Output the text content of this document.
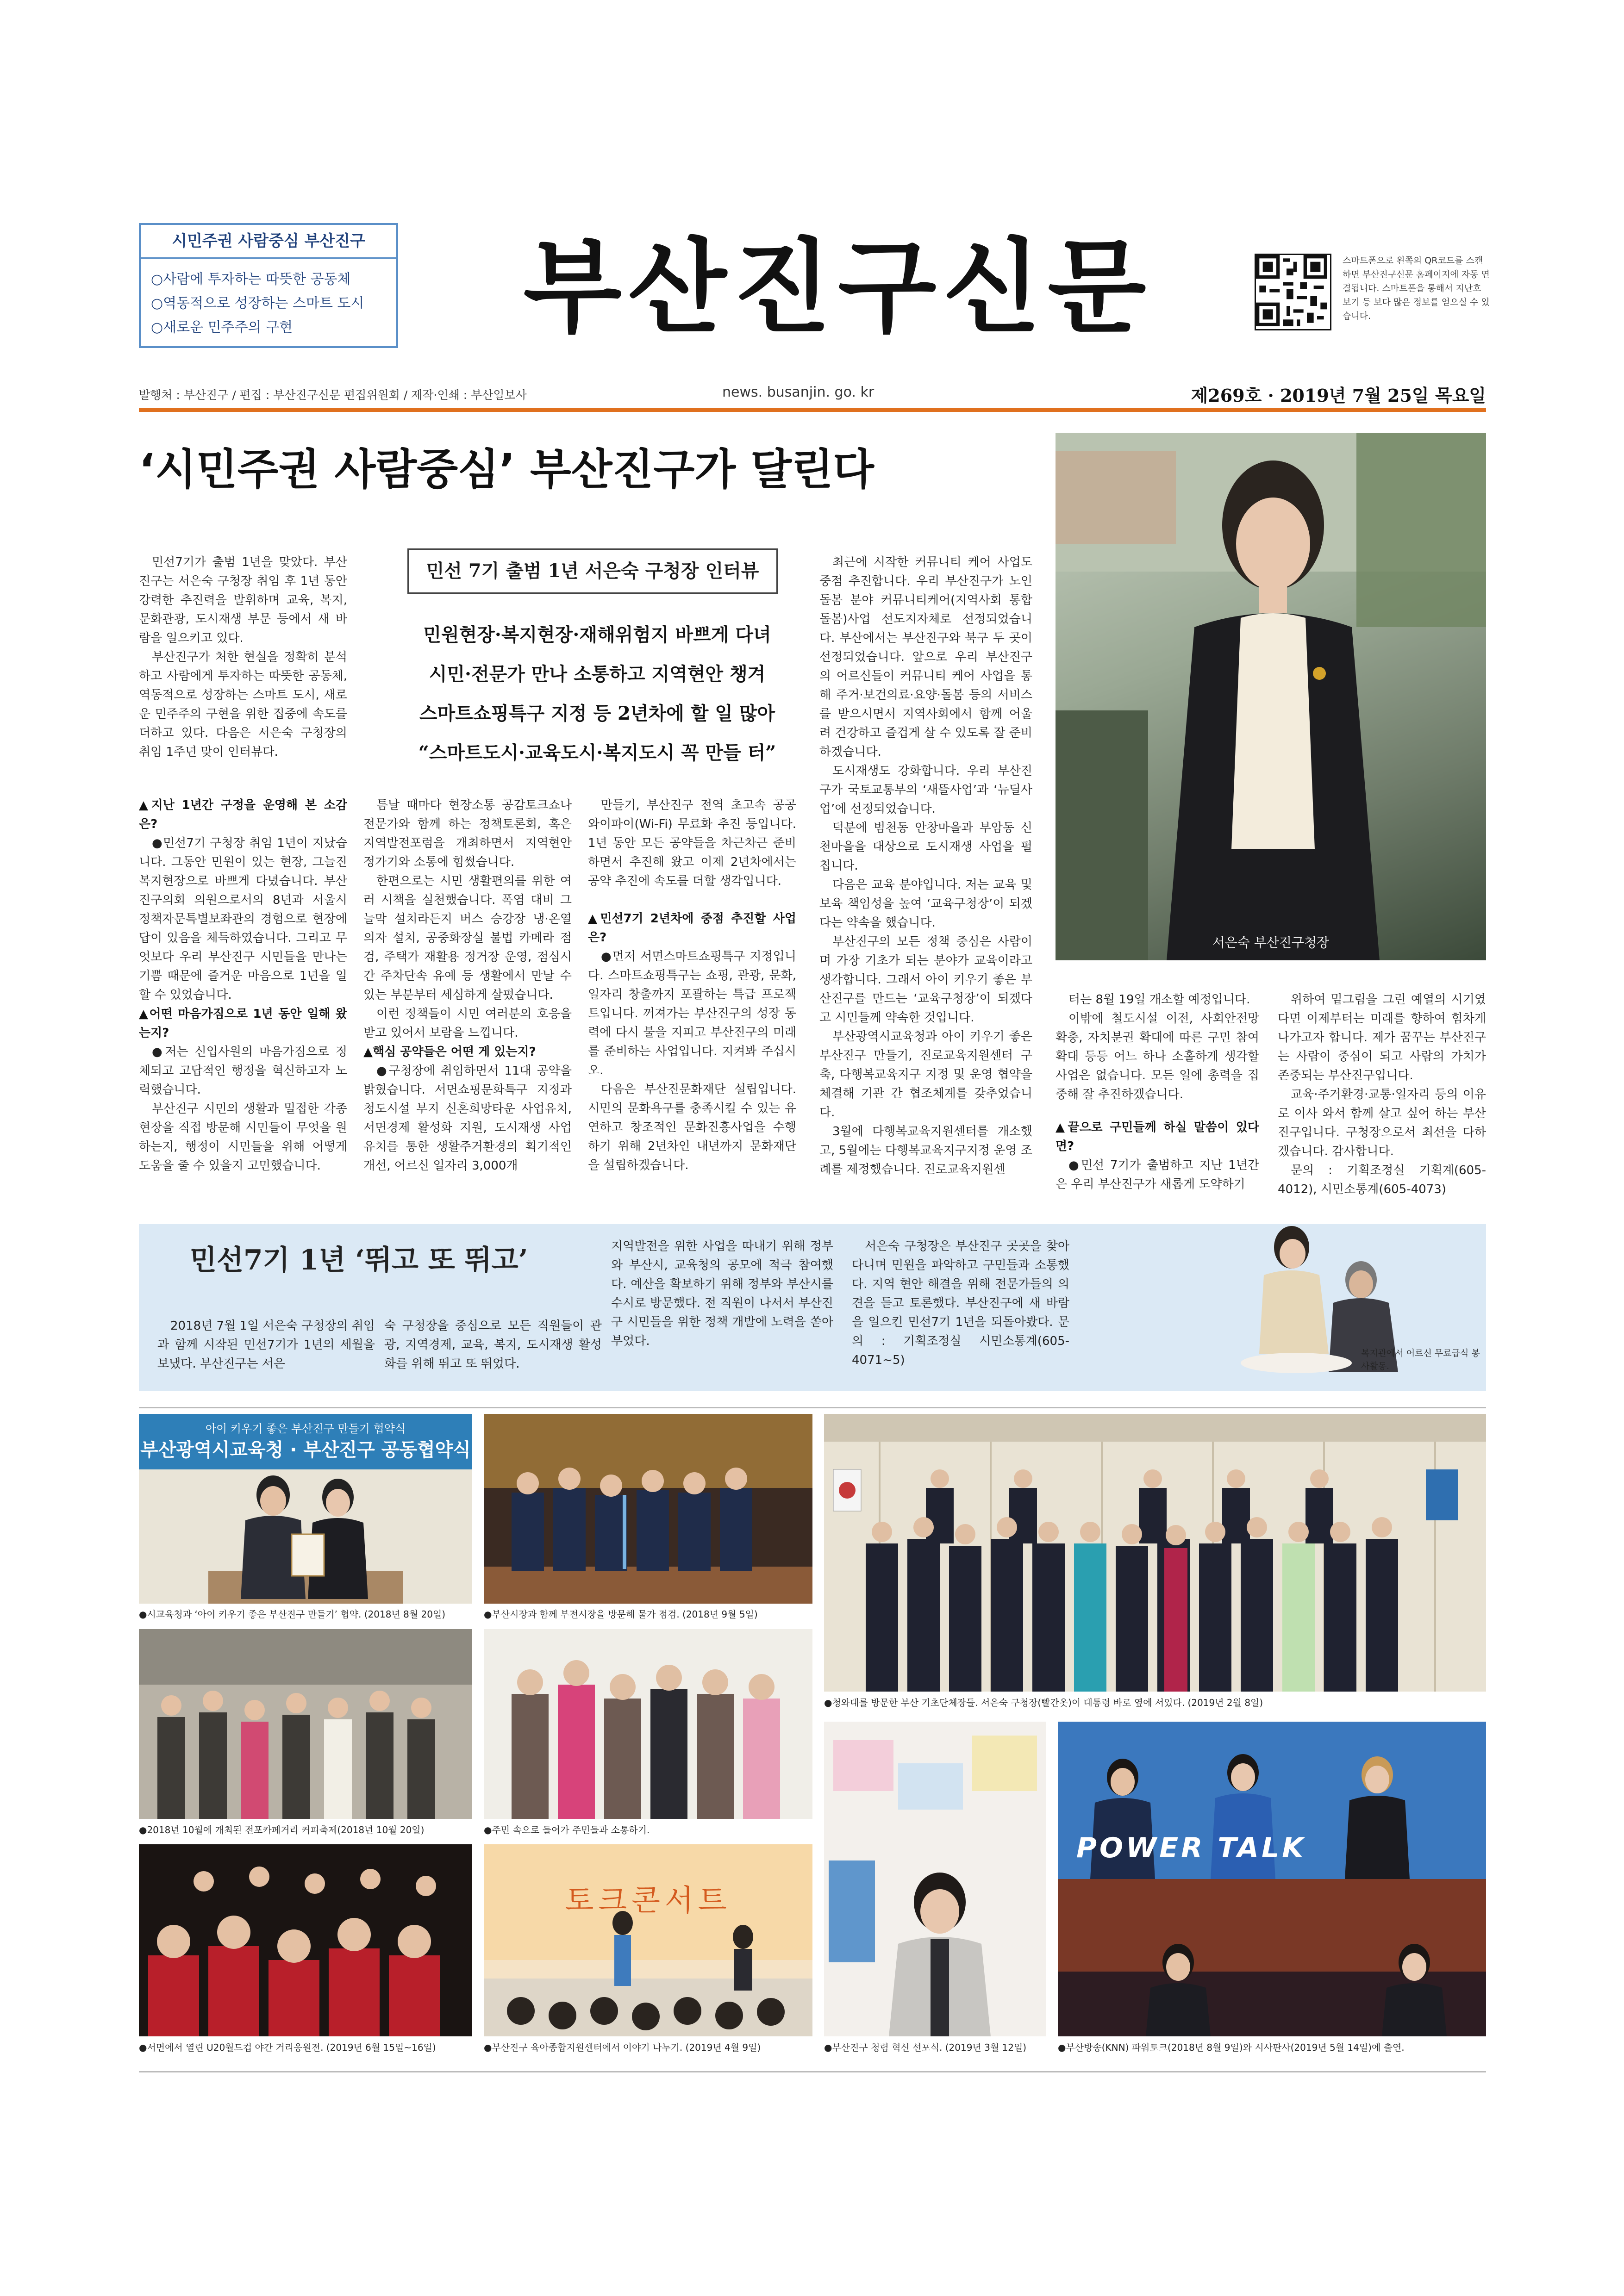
시민주권 사람중심 부산진구
○사람에 투자하는 따뜻한 공동체
○역동적으로 성장하는 스마트 도시
○새로운 민주주의 구현 부산진구신문	스마트폰으로 왼쪽의 QR코드를 스캔하면 부산진구신문 홈페이지에 자동 연결됩니다. 스마트폰을 통해서 지난호 보기 등 보다 많은 정보를 얻으실 수 있습니다.
발행처 : 부산진구 / 편집 : 부산진구신문 편집위원회 / 제작·인쇄 : 부산일보사	news. busanjin. go. kr	제269호 · 2019년 7월 25일 목요일
‘시민주권 사람중심’ 부산진구가 달린다
서은숙 부산진구청장
민선 7기 출범 1년 서은숙 구청장 인터뷰
민원현장·복지현장·재해위험지 바쁘게 다녀
시민·전문가 만나 소통하고 지역현안 챙겨
스마트쇼핑특구 지정 등 2년차에 할 일 많아
“스마트도시·교육도시·복지도시 꼭 만들 터”

민선7기가 출범 1년을 맞았다. 부산진구는 서은숙 구청장 취임 후 1년 동안 강력한 추진력을 발휘하며 교육, 복지, 문화관광, 도시재생 부문 등에서 새 바람을 일으키고 있다.

부산진구가 처한 현실을 정확히 분석하고 사람에게 투자하는 따뜻한 공동체, 역동적으로 성장하는 스마트 도시, 새로운 민주주의 구현을 위한 집중에 속도를 더하고 있다. 다음은 서은숙 구청장의 취임 1주년 맞이 인터뷰다.

▲지난 1년간 구정을 운영해 본 소감은?

●민선7기 구청장 취임 1년이 지났습니다. 그동안 민원이 있는 현장, 그늘진 복지현장으로 바쁘게 다녔습니다. 부산진구의회 의원으로서의 8년과 서울시 정책자문특별보좌관의 경험으로 현장에 답이 있음을 체득하였습니다. 그리고 무엇보다 우리 부산진구 시민들을 만나는 기쁨 때문에 즐거운 마음으로 1년을 일할 수 있었습니다.

▲어떤 마음가짐으로 1년 동안 일해 왔는지?

●저는 신입사원의 마음가짐으로 정체되고 고답적인 행정을 혁신하고자 노력했습니다.

부산진구 시민의 생활과 밀접한 각종 현장을 직접 방문해 시민들이 무엇을 원하는지, 행정이 시민들을 위해 어떻게 도움을 줄 수 있을지 고민했습니다.

틈날 때마다 현장소통 공감토크쇼나 전문가와 함께 하는 정책토론회, 혹은 지역발전포럼을 개최하면서 지역현안 정가기와 소통에 힘썼습니다.

한편으로는 시민 생활편의를 위한 여러 시책을 실천했습니다. 폭염 대비 그늘막 설치라든지 버스 승강장 냉·온열 의자 설치, 공중화장실 불법 카메라 점검, 주택가 재활용 정거장 운영, 점심시간 주차단속 유예 등 생활에서 만날 수 있는 부분부터 세심하게 살폈습니다.

이런 정책들이 시민 여러분의 호응을 받고 있어서 보람을 느낍니다.

▲핵심 공약들은 어떤 게 있는지?

●구청장에 취임하면서 11대 공약을 밝혔습니다. 서면쇼핑문화특구 지정과 청도시설 부지 신혼희망타운 사업유치, 서면경제 활성화 지원, 도시재생 사업 유치를 통한 생활주거환경의 획기적인 개선, 어르신 일자리 3,000개

만들기, 부산진구 전역 초고속 공공 와이파이(Wi-Fi) 무료화 추진 등입니다. 1년 동안 모든 공약들을 차근차근 준비하면서 추진해 왔고 이제 2년차에서는 공약 추진에 속도를 더할 생각입니다.

▲민선7기 2년차에 중점 추진할 사업은?

●먼저 서면스마트쇼핑특구 지정입니다. 스마트쇼핑특구는 쇼핑, 관광, 문화, 일자리 창출까지 포괄하는 특급 프로젝트입니다. 꺼져가는 부산진구의 성장 동력에 다시 불을 지피고 부산진구의 미래를 준비하는 사업입니다. 지켜봐 주십시오.

다음은 부산진문화재단 설립입니다. 시민의 문화욕구를 충족시킬 수 있는 유연하고 창조적인 문화진흥사업을 수행하기 위해 2년차인 내년까지 문화재단을 설립하겠습니다.

최근에 시작한 커뮤니티 케어 사업도 중점 추진합니다. 우리 부산진구가 노인돌봄 분야 커뮤니티케어(지역사회 통합돌봄)사업 선도지자체로 선정되었습니다. 부산에서는 부산진구와 북구 두 곳이 선정되었습니다. 앞으로 우리 부산진구의 어르신들이 커뮤니티 케어 사업을 통해 주거·보건의료·요양·돌봄 등의 서비스를 받으시면서 지역사회에서 함께 어울려 건강하고 즐겁게 살 수 있도록 잘 준비하겠습니다.

도시재생도 강화합니다. 우리 부산진구가 국토교통부의 ‘새뜰사업’과 ‘뉴딜사업’에 선정되었습니다.

덕분에 범천동 안창마을과 부암동 신천마을을 대상으로 도시재생 사업을 펼칩니다.

다음은 교육 분야입니다. 저는 교육 및 보육 책임성을 높여 ‘교육구청장’이 되겠다는 약속을 했습니다.

부산진구의 모든 정책 중심은 사람이며 가장 기초가 되는 분야가 교육이라고 생각합니다. 그래서 아이 키우기 좋은 부산진구를 만드는 ‘교육구청장’이 되겠다고 시민들께 약속한 것입니다.

부산광역시교육청과 아이 키우기 좋은 부산진구 만들기, 진로교육지원센터 구축, 다행복교육지구 지정 및 운영 협약을 체결해 기관 간 협조체계를 갖추었습니다.

3월에 다행복교육지원센터를 개소했고, 5월에는 다행복교육지구지정 운영 조례를 제정했습니다. 진로교육지원센

터는 8월 19일 개소할 예정입니다.

이밖에 철도시설 이전, 사회안전망 확충, 자치분권 확대에 따른 구민 참여 확대 등등 어느 하나 소홀하게 생각할 사업은 없습니다. 모든 일에 총력을 집중해 잘 추진하겠습니다.

▲끝으로 구민들께 하실 말씀이 있다면?

●민선 7기가 출범하고 지난 1년간은 우리 부산진구가 새롭게 도약하기

위하여 밑그림을 그린 예열의 시기였다면 이제부터는 미래를 향하여 힘차게 나가고자 합니다. 제가 꿈꾸는 부산진구는 사람이 중심이 되고 사람의 가치가 존중되는 부산진구입니다.

교육·주거환경·교통·일자리 등의 이유로 이사 와서 함께 살고 싶어 하는 부산진구입니다. 구청장으로서 최선을 다하겠습니다. 감사합니다.

문의 : 기획조정실 기획계(605-4012), 시민소통계(605-4073)

민선7기 1년 ‘뛰고 또 뛰고’

2018년 7월 1일 서은숙 구청장의 취임과 함께 시작된 민선7기가 1년의 세월을 보냈다. 부산진구는 서은

숙 구청장을 중심으로 모든 직원들이 관광, 지역경제, 교육, 복지, 도시재생 활성화를 위해 뛰고 또 뛰었다.

지역발전을 위한 사업을 따내기 위해 정부와 부산시, 교육청의 공모에 적극 참여했다. 예산을 확보하기 위해 정부와 부산시를 수시로 방문했다. 전 직원이 나서서 부산진구 시민들을 위한 정책 개발에 노력을 쏟아부었다.

서은숙 구청장은 부산진구 곳곳을 찾아다니며 민원을 파악하고 구민들과 소통했다. 지역 현안 해결을 위해 전문가들의 의견을 듣고 토론했다. 부산진구에 새 바람을 일으킨 민선7기 1년을 되돌아봤다. 문의 : 기획조정실 시민소통계(605-4071~5)	복지관에서 어르신 무료급식 봉사활동.
아이 키우기 좋은 부산진구 만들기 협약식
부산광역시교육청 · 부산진구 공동협약식
●시교육청과 ‘아이 키우기 좋은 부산진구 만들기’ 협약. (2018년 8월 20일)	●부산시장과 함께 부전시장을 방문해 물가 점검. (2018년 9월 5일)
●청와대를 방문한 부산 기초단체장들. 서은숙 구청장(빨간옷)이 대통령 바로 옆에 서있다. (2019년 2월 8일)
●2018년 10월에 개최된 전포카페거리 커피축제(2018년 10월 20일)	●주민 속으로 들어가 주민들과 소통하기.
●서면에서 열린 U20월드컵 야간 거리응원전. (2019년 6월 15일~16일)
토크콘서트
●부산진구 육아종합지원센터에서 이야기 나누기. (2019년 4월 9일)	●부산진구 청렴 혁신 선포식. (2019년 3월 12일)
POWER TALK
●부산방송(KNN) 파워토크(2018년 8월 9일)와 시사판사(2019년 5월 14일)에 출연.
